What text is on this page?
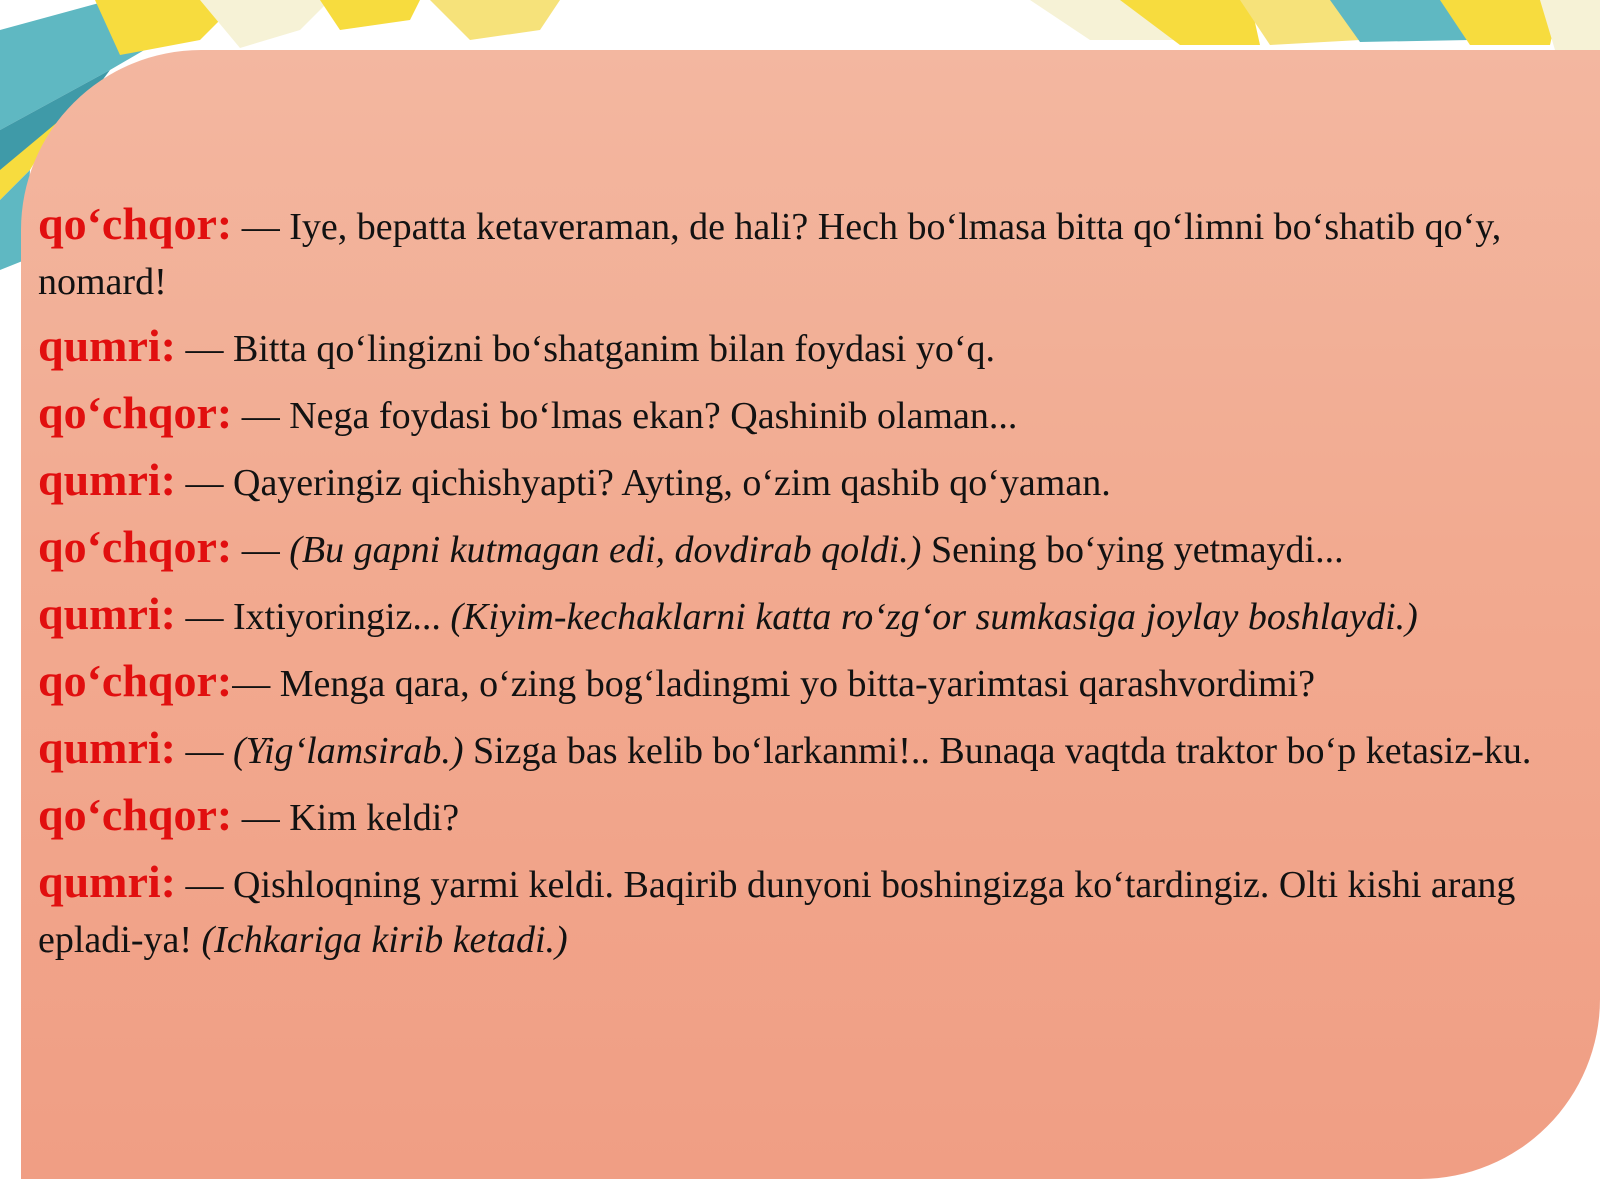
qo‘chqor: — Iye, bepatta ketaveraman, de hali? Hech bo‘lmasa bitta qo‘limni bo‘shatib qo‘y, nomard!
qumri: — Bitta qo‘lingizni bo‘shatganim bilan foydasi yo‘q.
qo‘chqor: — Nega foydasi bo‘lmas ekan? Qashinib olaman...
qumri: — Qayeringiz qichishyapti? Ayting, o‘zim qashib qo‘yaman.
qo‘chqor: — (Bu gapni kutmagan edi, dovdirab qoldi.) Sening bo‘ying yetmaydi...
qumri: — Ixtiyoringiz... (Kiyim-kechaklarni katta ro‘zg‘or sumkasiga joylay boshlaydi.)
qo‘chqor:— Menga qara, o‘zing bog‘ladingmi yo bitta-yarimtasi qarashvordimi?
qumri: — (Yig‘lamsirab.) Sizga bas kelib bo‘larkanmi!.. Bunaqa vaqtda traktor bo‘p ketasiz-ku.
qo‘chqor: — Kim keldi?
qumri: — Qishloqning yarmi keldi. Baqirib dunyoni boshingizga ko‘tardingiz. Olti kishi arang epladi-ya! (Ichkariga kirib ketadi.)
